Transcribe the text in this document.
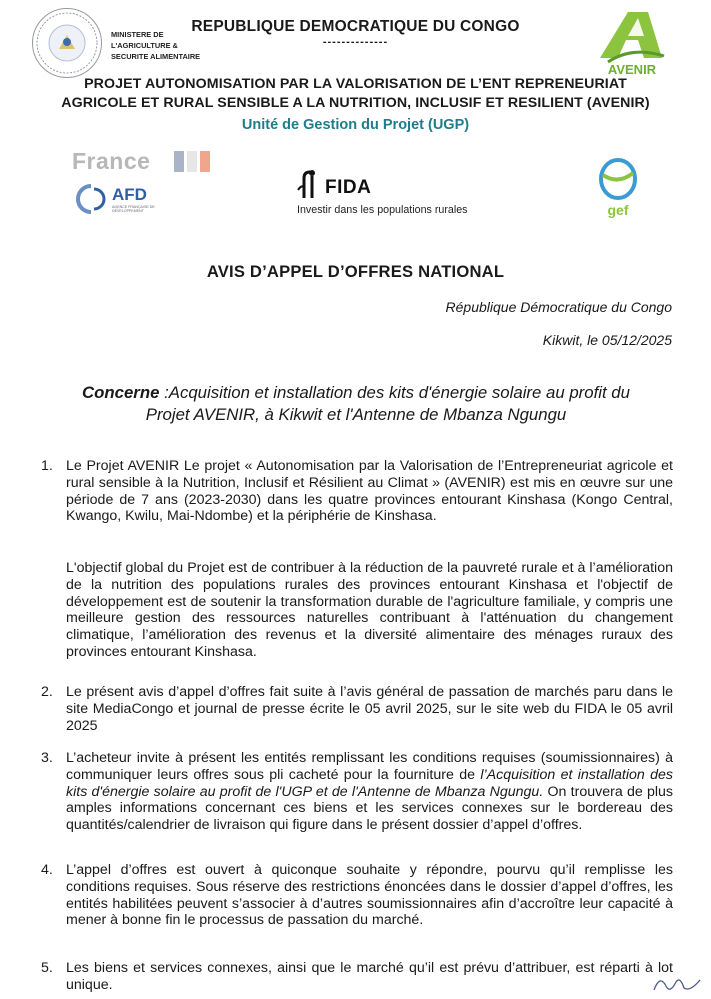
MINISTERE DE
L'AGRICULTURE &
SECURITE ALIMENTAIRE
REPUBLIQUE DEMOCRATIQUE DU CONGO
--------------
AVENIR
PROJET AUTONOMISATION PAR LA VALORISATION DE L’ENT REPRENEURIAT
AGRICOLE ET RURAL SENSIBLE A LA NUTRITION, INCLUSIF ET RESILIENT (AVENIR)
Unité de Gestion du Projet (UGP)
France
AFD
AGENCE FRANÇAISE DE DÉVELOPPEMENT
FIDA
Investir dans les populations rurales	gef
AVIS D’APPEL D’OFFRES NATIONAL
République Démocratique du Congo
Kikwit, le 05/12/2025
Concerne :Acquisition et installation des kits d'énergie solaire au profit du
Projet AVENIR, à Kikwit et l'Antenne de Mbanza Ngungu
1. Le Projet AVENIR Le projet « Autonomisation par la Valorisation de l’Entrepreneuriat agricole et rural sensible à la Nutrition, Inclusif et Résilient au Climat » (AVENIR) est mis en œuvre sur une période de 7 ans (2023-2030) dans les quatre provinces entourant Kinshasa (Kongo Central, Kwango, Kwilu, Mai-Ndombe) et la périphérie de Kinshasa.
L'objectif global du Projet est de contribuer à la réduction de la pauvreté rurale et à l’amélioration de la nutrition des populations rurales des provinces entourant Kinshasa et l'objectif de développement est de soutenir la transformation durable de l'agriculture familiale, y compris une meilleure gestion des ressources naturelles contribuant à l'atténuation du changement climatique, l’amélioration des revenus et la diversité alimentaire des ménages ruraux des provinces entourant Kinshasa.
2. Le présent avis d’appel d’offres fait suite à l’avis général de passation de marchés paru dans le site MediaCongo et journal de presse écrite le 05 avril 2025, sur le site web du FIDA le 05 avril 2025
3. L’acheteur invite à présent les entités remplissant les conditions requises (soumissionnaires) à communiquer leurs offres sous pli cacheté pour la fourniture de l’Acquisition et installation des kits d'énergie solaire au profit de l'UGP et de l'Antenne de Mbanza Ngungu. On trouvera de plus amples informations concernant ces biens et les services connexes sur le bordereau des quantités/calendrier de livraison qui figure dans le présent dossier d’appel d’offres.
4. L’appel d’offres est ouvert à quiconque souhaite y répondre, pourvu qu’il remplisse les conditions requises. Sous réserve des restrictions énoncées dans le dossier d’appel d’offres, les entités habilitées peuvent s’associer à d’autres soumissionnaires afin d’accroître leur capacité à mener à bonne fin le processus de passation du marché.
5. Les biens et services connexes, ainsi que le marché qu’il est prévu d’attribuer, est réparti à lot unique.
